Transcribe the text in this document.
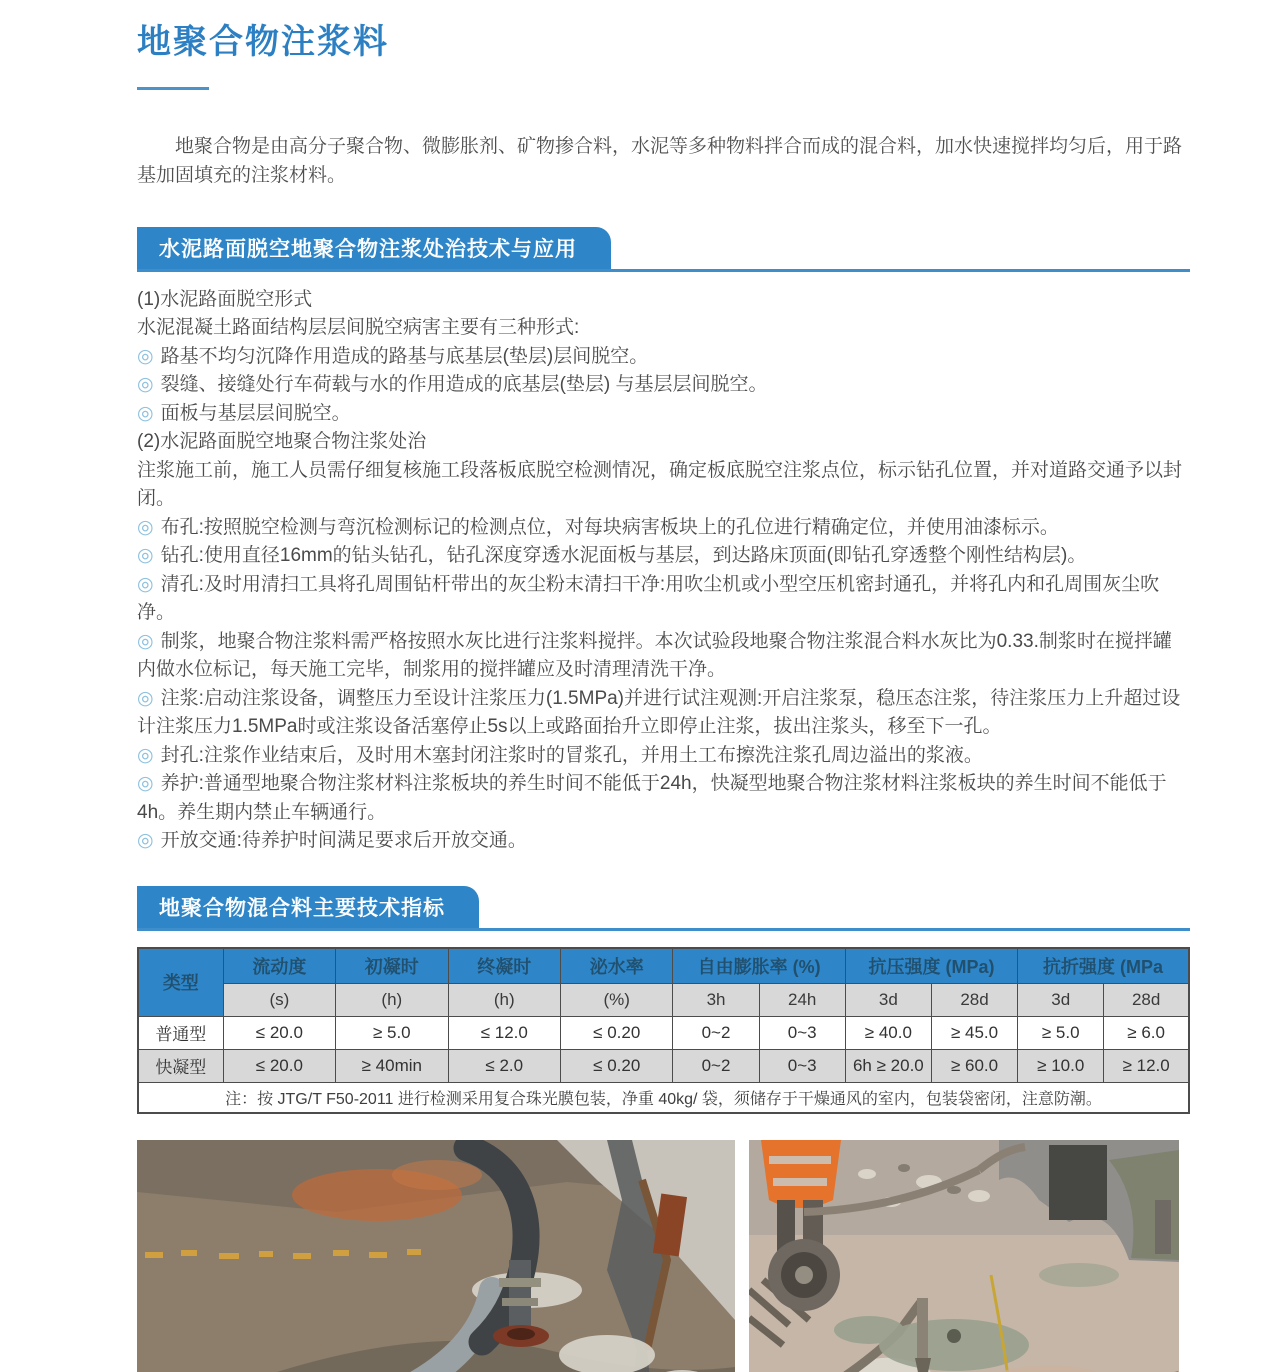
地聚合物注浆料

地聚合物是由高分子聚合物、微膨胀剂、矿物掺合料，水泥等多种物料拌合而成的混合料，加水快速搅拌均匀后，用于路基加固填充的注浆材料。

水泥路面脱空地聚合物注浆处治技术与应用

(1)水泥路面脱空形式

水泥混凝土路面结构层层间脱空病害主要有三种形式:

◎ 路基不均匀沉降作用造成的路基与底基层(垫层)层间脱空。

◎ 裂缝、接缝处行车荷载与水的作用造成的底基层(垫层) 与基层层间脱空。

◎ 面板与基层层间脱空。

(2)水泥路面脱空地聚合物注浆处治

注浆施工前，施工人员需仔细复核施工段落板底脱空检测情况，确定板底脱空注浆点位，标示钻孔位置，并对道路交通予以封闭。

◎ 布孔:按照脱空检测与弯沉检测标记的检测点位，对每块病害板块上的孔位进行精确定位，并使用油漆标示。

◎ 钻孔:使用直径16mm的钻头钻孔，钻孔深度穿透水泥面板与基层，到达路床顶面(即钻孔穿透整个刚性结构层)。

◎ 清孔:及时用清扫工具将孔周围钻杆带出的灰尘粉末清扫干净:用吹尘机或小型空压机密封通孔，并将孔内和孔周围灰尘吹净。

◎ 制浆，地聚合物注浆料需严格按照水灰比进行注浆料搅拌。本次试验段地聚合物注浆混合料水灰比为0.33.制浆时在搅拌罐内做水位标记，每天施工完毕，制浆用的搅拌罐应及时清理清洗干净。

◎ 注浆:启动注浆设备，调整压力至设计注浆压力(1.5MPa)并进行试注观测:开启注浆泵，稳压态注浆，待注浆压力上升超过设计注浆压力1.5MPa时或注浆设备活塞停止5s以上或路面抬升立即停止注浆，拔出注浆头，移至下一孔。

◎ 封孔:注浆作业结束后，及时用木塞封闭注浆时的冒浆孔，并用土工布擦洗注浆孔周边溢出的浆液。

◎ 养护:普通型地聚合物注浆材料注浆板块的养生时间不能低于24h，快凝型地聚合物注浆材料注浆板块的养生时间不能低于4h。养生期内禁止车辆通行。

◎ 开放交通:待养护时间满足要求后开放交通。

地聚合物混合料主要技术指标
类型	流动度	初凝时	终凝时	泌水率	自由膨胀率 (%)		抗压强度 (MPa)		抗折强度 (MPa	
	(s)	(h)	(h)	(%)	3h	24h	3d	28d	3d	28d
普通型	≤ 20.0	≥ 5.0	≤ 12.0	≤ 0.20	0~2	0~3	≥ 40.0	≥ 45.0	≥ 5.0	≥ 6.0
快凝型	≤ 20.0	≥ 40min	≤ 2.0	≤ 0.20	0~2	0~3	6h ≥ 20.0	≥ 60.0	≥ 10.0	≥ 12.0
注：按 JTG/T F50-2011 进行检测采用复合珠光膜包装，净重 40kg/ 袋，须储存于干燥通风的室内，包装袋密闭，注意防潮。										
